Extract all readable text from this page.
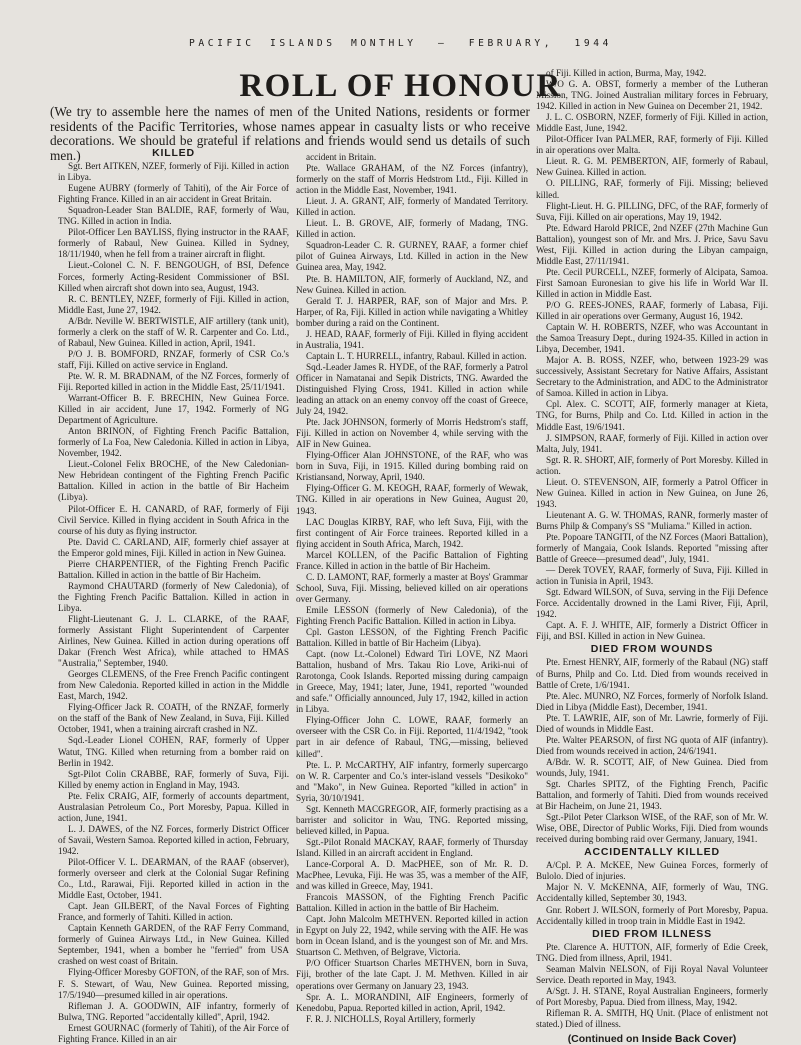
PACIFIC ISLANDS MONTHLY – FEBRUARY, 1944
ROLL OF HONOUR
(We try to assemble here the names of men of the United Nations, residents or former residents of the Pacific Territories, whose names appear in casualty lists or who receive decorations. We should be grateful if relations and friends would send us details of such men.)	KILLED

Sgt. Bert AITKEN, NZEF, formerly of Fiji. Killed in action in Libya.

Eugene AUBRY (formerly of Tahiti), of the Air Force of Fighting France. Killed in an air accident in Great Britain.

Squadron-Leader Stan BALDIE, RAF, formerly of Wau, TNG. Killed in action in India.

Pilot-Officer Len BAYLISS, flying instructor in the RAAF, formerly of Rabaul, New Guinea. Killed in Sydney, 18/11/1940, when he fell from a trainer aircraft in flight.

Lieut.-Colonel C. N. F. BENGOUGH, of BSI, Defence Forces, formerly Acting-Resident Commissioner of BSI. Killed when aircraft shot down into sea, August, 1943.

R. C. BENTLEY, NZEF, formerly of Fiji. Killed in action, Middle East, June 27, 1942.

A/Bdr. Neville W. BERTWISTLE, AIF artillery (tank unit), formerly a clerk on the staff of W. R. Carpenter and Co. Ltd., of Rabaul, New Guinea. Killed in action, April, 1941.

P/O J. B. BOMFORD, RNZAF, formerly of CSR Co.'s staff, Fiji. Killed on active service in England.

Pte. W. R. M. BRADNAM, of the NZ Forces, formerly of Fiji. Reported killed in action in the Middle East, 25/11/1941.

Warrant-Officer B. F. BRECHIN, New Guinea Force. Killed in air accident, June 17, 1942. Formerly of NG Department of Agriculture.

Anton BRINON, of Fighting French Pacific Battalion, formerly of La Foa, New Caledonia. Killed in action in Libya, November, 1942.

Lieut.-Colonel Felix BROCHE, of the New Caledonian-New Hebridean contingent of the Fighting French Pacific Battalion. Killed in action in the battle of Bir Hacheim (Libya).

Pilot-Officer E. H. CANARD, of RAF, formerly of Fiji Civil Service. Killed in flying accident in South Africa in the course of his duty as flying instructor.

Pte. David C. CARLAND, AIF, formerly chief assayer at the Emperor gold mines, Fiji. Killed in action in New Guinea.

Pierre CHARPENTIER, of the Fighting French Pacific Battalion. Killed in action in the battle of Bir Hacheim.

Raymond CHAUTARD (formerly of New Caledonia), of the Fighting French Pacific Battalion. Killed in action in Libya.

Flight-Lieutenant G. J. L. CLARKE, of the RAAF, formerly Assistant Flight Superintendent of Carpenter Airlines, New Guinea. Killed in action during operations off Dakar (French West Africa), while attached to HMAS "Australia," September, 1940.

Georges CLEMENS, of the Free French Pacific contingent from New Caledonia. Reported killed in action in the Middle East, March, 1942.

Flying-Officer Jack R. COATH, of the RNZAF, formerly on the staff of the Bank of New Zealand, in Suva, Fiji. Killed October, 1941, when a training aircraft crashed in NZ.

Sqd.-Leader Lionel COHEN, RAF, formerly of Upper Watut, TNG. Killed when returning from a bomber raid on Berlin in 1942.

Sgt-Pilot Colin CRABBE, RAF, formerly of Suva, Fiji. Killed by enemy action in England in May, 1943.

Pte. Felix CRAIG, AIF, formerly of accounts department, Australasian Petroleum Co., Port Moresby, Papua. Killed in action, June, 1941.

L. J. DAWES, of the NZ Forces, formerly District Officer of Savaii, Western Samoa. Reported killed in action, February, 1942.

Pilot-Officer V. L. DEARMAN, of the RAAF (observer), formerly overseer and clerk at the Colonial Sugar Refining Co., Ltd., Rarawai, Fiji. Reported killed in action in the Middle East, October, 1941.

Capt. Jean GILBERT, of the Naval Forces of Fighting France, and formerly of Tahiti. Killed in action.

Captain Kenneth GARDEN, of the RAF Ferry Command, formerly of Guinea Airways Ltd., in New Guinea. Killed September, 1941, when a bomber he "ferried" from USA crashed on west coast of Britain.

Flying-Officer Moresby GOFTON, of the RAF, son of Mrs. F. S. Stewart, of Wau, New Guinea. Reported missing, 17/5/1940—presumed killed in air operations.

Rifleman J. A. GOODWIN, AIF infantry, formerly of Bulwa, TNG. Reported "accidentally killed", April, 1942.

Ernest GOURNAC (formerly of Tahiti), of the Air Force of Fighting France. Killed in an air

accident in Britain.

Pte. Wallace GRAHAM, of the NZ Forces (infantry), formerly on the staff of Morris Hedstrom Ltd., Fiji. Killed in action in the Middle East, November, 1941.

Lieut. J. A. GRANT, AIF, formerly of Mandated Territory. Killed in action.

Lieut. L. B. GROVE, AIF, formerly of Madang, TNG. Killed in action.

Squadron-Leader C. R. GURNEY, RAAF, a former chief pilot of Guinea Airways, Ltd. Killed in action in the New Guinea area, May, 1942.

Pte. B. HAMILTON, AIF, formerly of Auckland, NZ, and New Guinea. Killed in action.

Gerald T. J. HARPER, RAF, son of Major and Mrs. P. Harper, of Ra, Fiji. Killed in action while navigating a Whitley bomber during a raid on the Continent.

J. HEAD, RAAF, formerly of Fiji. Killed in flying accident in Australia, 1941.

Captain L. T. HURRELL, infantry, Rabaul. Killed in action.

Sqd.-Leader James R. HYDE, of the RAF, formerly a Patrol Officer in Namatanai and Sepik Districts, TNG. Awarded the Distinguished Flying Cross, 1941. Killed in action while leading an attack on an enemy convoy off the coast of Greece, July 24, 1942.

Pte. Jack JOHNSON, formerly of Morris Hedstrom's staff, Fiji. Killed in action on November 4, while serving with the AIF in New Guinea.

Flying-Officer Alan JOHNSTONE, of the RAF, who was born in Suva, Fiji, in 1915. Killed during bombing raid on Kristiansand, Norway, April, 1940.

Flying-Officer G. M. KEOGH, RAAF, formerly of Wewak, TNG. Killed in air operations in New Guinea, August 20, 1943.

LAC Douglas KIRBY, RAF, who left Suva, Fiji, with the first contingent of Air Force trainees. Reported killed in a flying accident in South Africa, March, 1942.

Marcel KOLLEN, of the Pacific Battalion of Fighting France. Killed in action in the battle of Bir Hacheim.

C. D. LAMONT, RAF, formerly a master at Boys' Grammar School, Suva, Fiji. Missing, believed killed on air operations over Germany.

Emile LESSON (formerly of New Caledonia), of the Fighting French Pacific Battalion. Killed in action in Libya.

Cpl. Gaston LESSON, of the Fighting French Pacific Battalion. Killed in battle of Bir Hacheim (Libya).

Capt. (now Lt.-Colonel) Edward Tiri LOVE, NZ Maori Battalion, husband of Mrs. Takau Rio Love, Ariki-nui of Rarotonga, Cook Islands. Reported missing during campaign in Greece, May, 1941; later, June, 1941, reported "wounded and safe." Officially announced, July 17, 1942, killed in action in Libya.

Flying-Officer John C. LOWE, RAAF, formerly an overseer with the CSR Co. in Fiji. Reported, 11/4/1942, "took part in air defence of Rabaul, TNG,—missing, believed killed".

Pte. L. P. McCARTHY, AIF infantry, formerly supercargo on W. R. Carpenter and Co.'s inter-island vessels "Desikoko" and "Mako", in New Guinea. Reported "killed in action" in Syria, 30/10/1941.

Sgt. Kenneth MACGREGOR, AIF, formerly practising as a barrister and solicitor in Wau, TNG. Reported missing, believed killed, in Papua.

Sgt.-Pilot Ronald MACKAY, RAAF, formerly of Thursday Island. Killed in an aircraft accident in England.

Lance-Corporal A. D. MacPHEE, son of Mr. R. D. MacPhee, Levuka, Fiji. He was 35, was a member of the AIF, and was killed in Greece, May, 1941.

Francois MASSON, of the Fighting French Pacific Battalion. Killed in action in the battle of Bir Hacheim.

Capt. John Malcolm METHVEN. Reported killed in action in Egypt on July 22, 1942, while serving with the AIF. He was born in Ocean Island, and is the youngest son of Mr. and Mrs. Stuartson C. Methven, of Belgrave, Victoria.

P/O Officer Stuartson Charles METHVEN, born in Suva, Fiji, brother of the late Capt. J. M. Methven. Killed in air operations over Germany on January 23, 1943.

Spr. A. L. MORANDINI, AIF Engineers, formerly of Kenedobu, Papua. Reported killed in action, April, 1942.

F. R. J. NICHOLLS, Royal Artillery, formerly

of Fiji. Killed in action, Burma, May, 1942.

W/O G. A. OBST, formerly a member of the Lutheran Mission, TNG. Joined Australian military forces in February, 1942. Killed in action in New Guinea on December 21, 1942.

J. L. C. OSBORN, NZEF, formerly of Fiji. Killed in action, Middle East, June, 1942.

Pilot-Officer Ivan PALMER, RAF, formerly of Fiji. Killed in air operations over Malta.

Lieut. R. G. M. PEMBERTON, AIF, formerly of Rabaul, New Guinea. Killed in action.

O. PILLING, RAF, formerly of Fiji. Missing; believed killed.

Flight-Lieut. H. G. PILLING, DFC, of the RAF, formerly of Suva, Fiji. Killed on air operations, May 19, 1942.

Pte. Edward Harold PRICE, 2nd NZEF (27th Machine Gun Battalion), youngest son of Mr. and Mrs. J. Price, Savu Savu West, Fiji. Killed in action during the Libyan campaign, Middle East, 27/11/1941.

Pte. Cecil PURCELL, NZEF, formerly of Alcipata, Samoa. First Samoan Euronesian to give his life in World War II. Killed in action in Middle East.

P/O G. REES-JONES, RAAF, formerly of Labasa, Fiji. Killed in air operations over Germany, August 16, 1942.

Captain W. H. ROBERTS, NZEF, who was Accountant in the Samoa Treasury Dept., during 1924-35. Killed in action in Libya, December, 1941.

Major A. B. ROSS, NZEF, who, between 1923-29 was successively, Assistant Secretary for Native Affairs, Assistant Secretary to the Administration, and ADC to the Administrator of Samoa. Killed in action in Libya.

Cpl. Alex. C. SCOTT, AIF, formerly manager at Kieta, TNG, for Burns, Philp and Co. Ltd. Killed in action in the Middle East, 19/6/1941.

J. SIMPSON, RAAF, formerly of Fiji. Killed in action over Malta, July, 1941.

Sgt. R. R. SHORT, AIF, formerly of Port Moresby. Killed in action.

Lieut. O. STEVENSON, AIF, formerly a Patrol Officer in New Guinea. Killed in action in New Guinea, on June 26, 1943.

Lieutenant A. G. W. THOMAS, RANR, formerly master of Burns Philp & Company's SS "Muliama." Killed in action.

Pte. Popoare TANGITI, of the NZ Forces (Maori Battalion), formerly of Mangaia, Cook Islands. Reported "missing after Battle of Greece—presumed dead", July, 1941.

— Derek TOVEY, RAAF, formerly of Suva, Fiji. Killed in action in Tunisia in April, 1943.

Sgt. Edward WILSON, of Suva, serving in the Fiji Defence Force. Accidentally drowned in the Lami River, Fiji, April, 1942.

Capt. A. F. J. WHITE, AIF, formerly a District Officer in Fiji, and BSI. Killed in action in New Guinea.

DIED FROM WOUNDS

Pte. Ernest HENRY, AIF, formerly of the Rabaul (NG) staff of Burns, Philp and Co. Ltd. Died from wounds received in Battle of Crete, 1/6/1941.

Pte. Alec. MUNRO, NZ Forces, formerly of Norfolk Island. Died in Libya (Middle East), December, 1941.

Pte. T. LAWRIE, AIF, son of Mr. Lawrie, formerly of Fiji. Died of wounds in Middle East.

Pte. Walter PEARSON, of first NG quota of AIF (infantry). Died from wounds received in action, 24/6/1941.

A/Bdr. W. R. SCOTT, AIF, of New Guinea. Died from wounds, July, 1941.

Sgt. Charles SPITZ, of the Fighting French, Pacific Battalion, and formerly of Tahiti. Died from wounds received at Bir Hacheim, on June 21, 1943.

Sgt.-Pilot Peter Clarkson WISE, of the RAF, son of Mr. W. Wise, OBE, Director of Public Works, Fiji. Died from wounds received during bombing raid over Germany, January, 1941.

ACCIDENTALLY KILLED

A/Cpl. P. A. McKEE, New Guinea Forces, formerly of Bulolo. Died of injuries.

Major N. V. McKENNA, AIF, formerly of Wau, TNG. Accidentally killed, September 30, 1943.

Gnr. Robert J. WILSON, formerly of Port Moresby, Papua. Accidentally killed in troop train in Middle East in 1942.

DIED FROM ILLNESS

Pte. Clarence A. HUTTON, AIF, formerly of Edie Creek, TNG. Died from illness, April, 1941.

Seaman Malvin NELSON, of Fiji Royal Naval Volunteer Service. Death reported in May, 1943.

A/Sgt. J. H. STANE, Royal Australian Engineers, formerly of Port Moresby, Papua. Died from illness, May, 1942.

Rifleman R. A. SMITH, HQ Unit. (Place of enlistment not stated.) Died of illness.

(Continued on Inside Back Cover)
